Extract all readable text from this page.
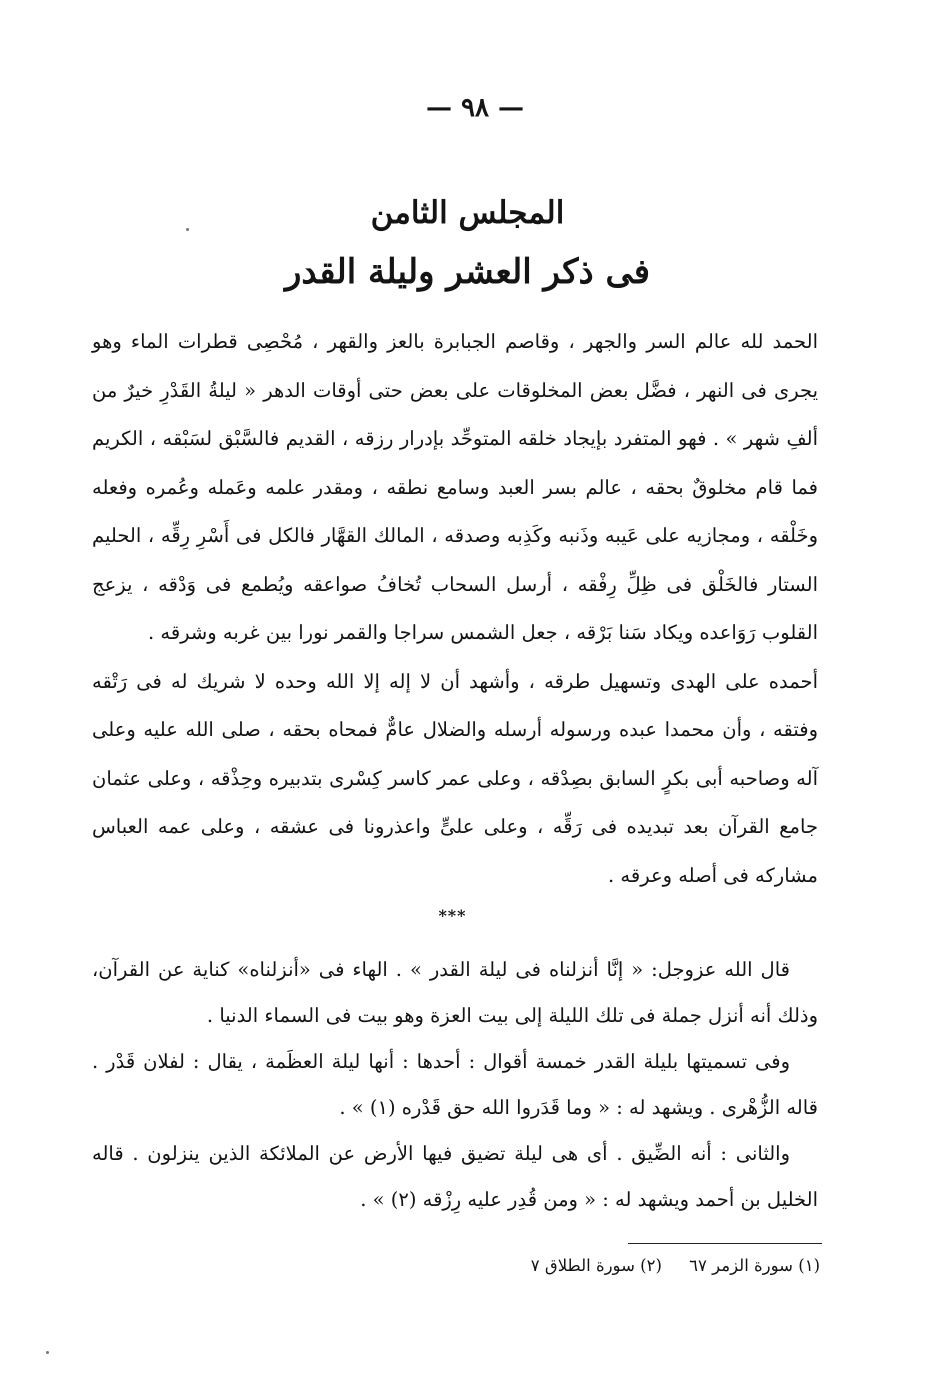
— ٩٨ —
المجلس الثامن
فى ذكر العشر وليلة القدر

الحمد لله عالم السر والجهر ، وقاصم الجبابرة بالعز والقهر ، مُحْصِى قطرات الماء وهو يجرى فى النهر ، فضَّل بعض المخلوقات على بعض حتى أوقات الدهر « ليلةُ القَدْرِ خيرٌ من ألفِ شهر » . فهو المتفرد بإيجاد خلقه المتوحِّد بإدرار رزقه ، القديم فالسَّبْق لسَبْقه ، الكريم فما قام مخلوقٌ بحقه ، عالم بسر العبد وسامع نطقه ، ومقدر علمه وعَمله وعُمره وفعله وخَلْقه ، ومجازيه على عَيبه وذَنبه وكَذِبه وصدقه ، المالك القهَّار فالكل فى أَسْرِ رِقِّه ، الحليم الستار فالخَلْق فى ظِلِّ رِفْقه ، أرسل السحاب تُخافُ صواعقه ويُطمع فى وَدْقه ، يزعج القلوب رَوَاعده ويكاد سَنا بَرْقه ، جعل الشمس سراجا والقمر نورا بين غربه وشرقه .

أحمده على الهدى وتسهيل طرقه ، وأشهد أن لا إله إلا الله وحده لا شريك له فى رَتْقه وفتقه ، وأن محمدا عبده ورسوله أرسله والضلال عامٌّ فمحاه بحقه ، صلى الله عليه وعلى آله وصاحبه أبى بكرٍ السابق بصِدْقه ، وعلى عمر كاسر كِسْرى بتدبيره وحِذْقه ، وعلى عثمان جامع القرآن بعد تبديده فى رَقِّه ، وعلى علىٍّ واعذرونا فى عشقه ، وعلى عمه العباس مشاركه فى أصله وعرقه .

***

قال الله عزوجل: « إنَّا أنزلناه فى ليلة القدر » . الهاء فى «أنزلناه» كناية عن القرآن، وذلك أنه أنزل جملة فى تلك الليلة إلى بيت العزة وهو بيت فى السماء الدنيا .

وفى تسميتها بليلة القدر خمسة أقوال : أحدها : أنها ليلة العظَمة ، يقال : لفلان قَدْر . قاله الزُّهْرى . ويشهد له : « وما قَدَروا الله حق قَدْره (١) » .

والثانى : أنه الضِّيق . أى هى ليلة تضيق فيها الأرض عن الملائكة الذين ينزلون . قاله الخليل بن أحمد ويشهد له : « ومن قُدِر عليه رِزْقه (٢) » .

(١) سورة الزمر ٦٧ (٢) سورة الطلاق ٧
